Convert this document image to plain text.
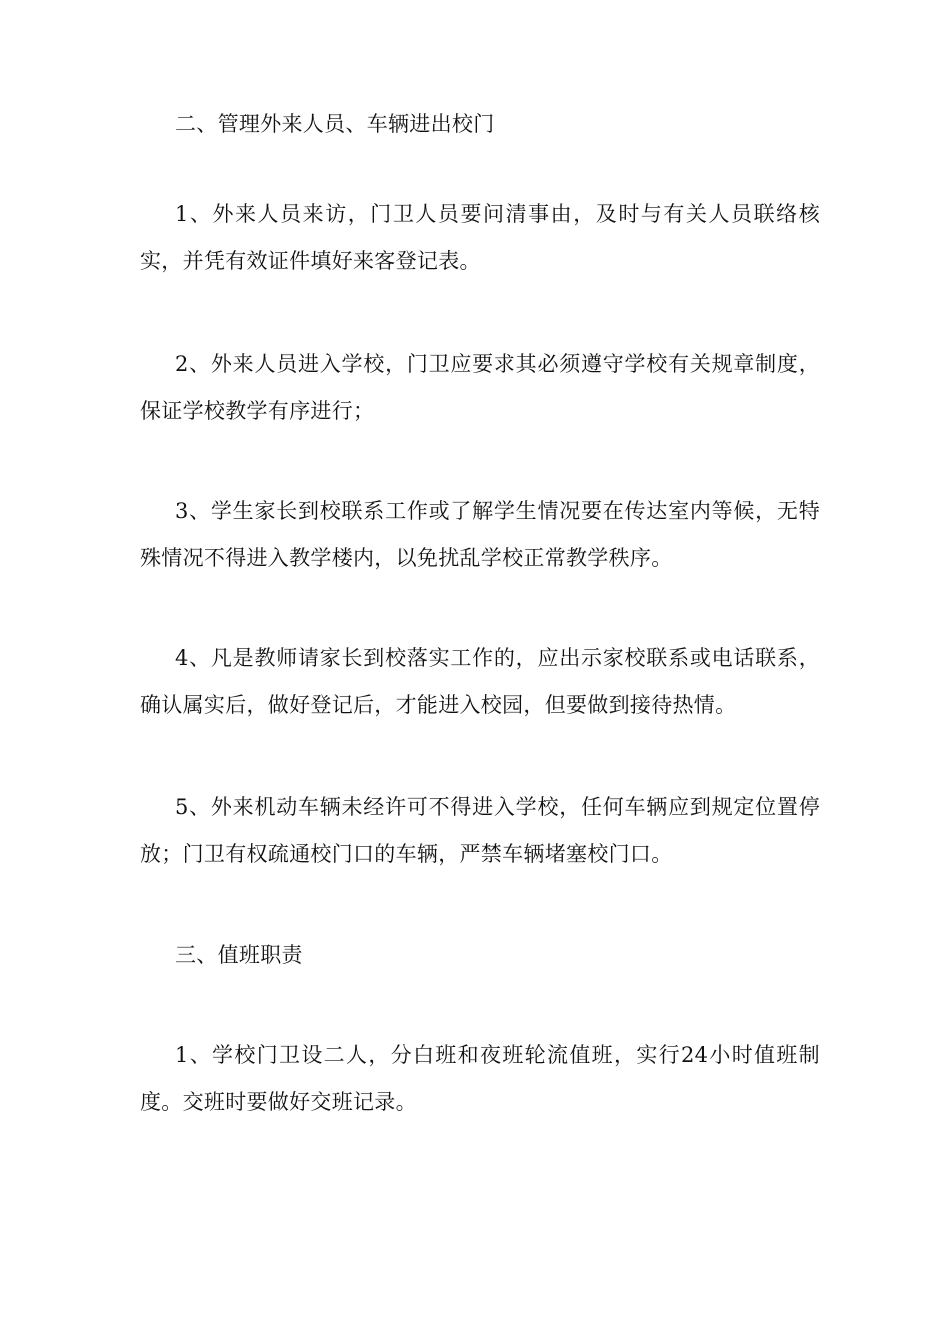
二、管理外来人员、车辆进出校门

1、外来人员来访，门卫人员要问清事由，及时与有关人员联络核实，并凭有效证件填好来客登记表。

2、外来人员进入学校，门卫应要求其必须遵守学校有关规章制度，保证学校教学有序进行；

3、学生家长到校联系工作或了解学生情况要在传达室内等候，无特殊情况不得进入教学楼内，以免扰乱学校正常教学秩序。

4、凡是教师请家长到校落实工作的，应出示家校联系或电话联系，确认属实后，做好登记后，才能进入校园，但要做到接待热情。

5、外来机动车辆未经许可不得进入学校，任何车辆应到规定位置停放；门卫有权疏通校门口的车辆，严禁车辆堵塞校门口。

三、值班职责

1、学校门卫设二人，分白班和夜班轮流值班，实行24小时值班制度。交班时要做好交班记录。
